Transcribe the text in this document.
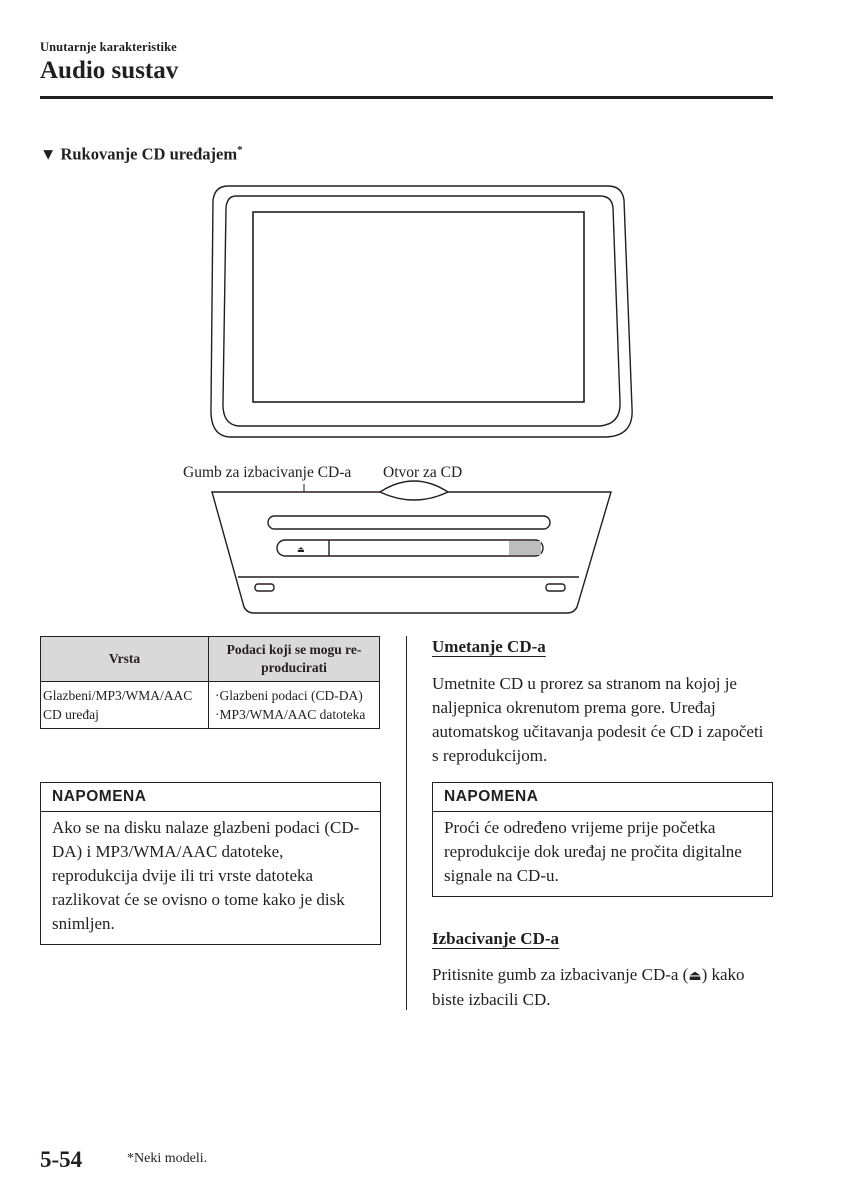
Unutarnje karakteristike
Audio sustav
▼ Rukovanje CD uređajem*
⏏
Gumb za izbacivanje CD-a Otvor za CD
Vrsta	Podaci koji se mogu re-producirati
Glazbeni/MP3/WMA/AAC CD uređaj	·Glazbeni podaci (CD-DA)
·MP3/WMA/AAC datoteka
NAPOMENA
Ako se na disku nalaze glazbeni podaci (CD-DA) i MP3/WMA/AAC datoteke, reprodukcija dvije ili tri vrste datoteka razlikovat će se ovisno o tome kako je disk snimljen.
Umetanje CD-a
Umetnite CD u prorez sa stranom na kojoj je naljepnica okrenutom prema gore. Uređaj automatskog učitavanja podesit će CD i započeti s reprodukcijom.
NAPOMENA
Proći će određeno vrijeme prije početka reprodukcije dok uređaj ne pročita digitalne signale na CD-u.
Izbacivanje CD-a
Pritisnite gumb za izbacivanje CD-a (⏏) kako biste izbacili CD.
5-54	*Neki modeli.
